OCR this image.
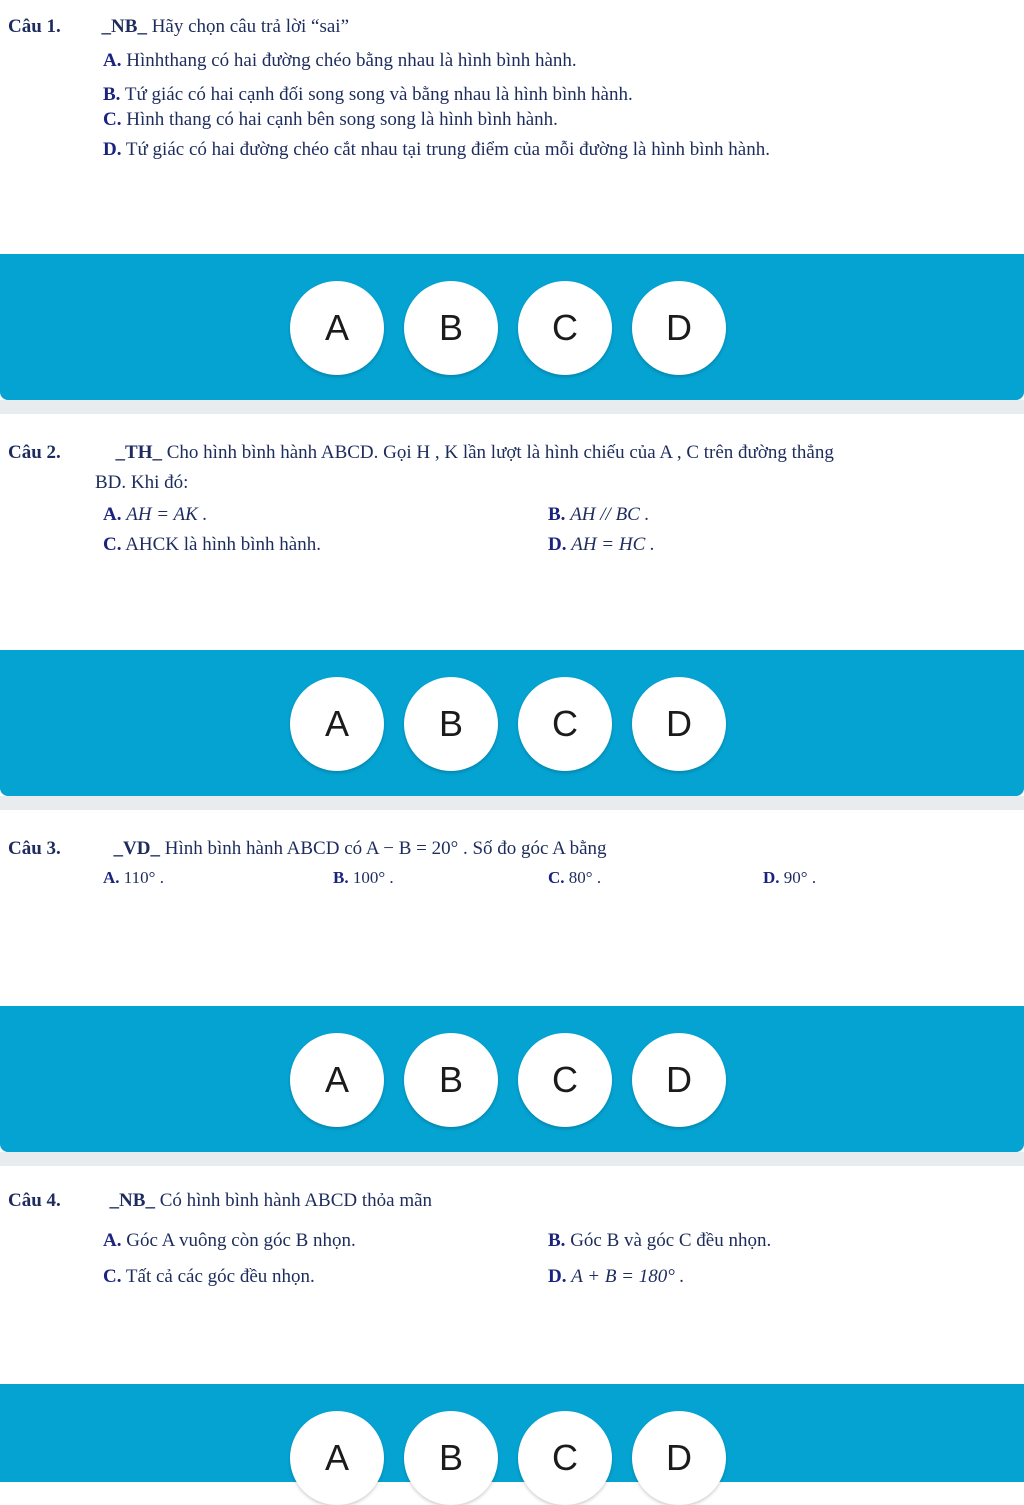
Câu 1. _NB_ Hãy chọn câu trả lời “sai”
A. Hìnhthang có hai đường chéo bằng nhau là hình bình hành.
B. Tứ giác có hai cạnh đối song song và bằng nhau là hình bình hành.
C. Hình thang có hai cạnh bên song song là hình bình hành.
D. Tứ giác có hai đường chéo cắt nhau tại trung điểm của mỗi đường là hình bình hành.
A	B	C	D
Câu 2.	_TH_ Cho hình bình hành ABCD. Gọi H , K lần lượt là hình chiếu của A , C trên đường thẳng
BD. Khi đó:
A. AH = AK .	B. AH // BC .
C. AHCK là hình bình hành.	D. AH = HC .
A	B	C	D
Câu 3.	_VD_ Hình bình hành ABCD có A − B = 20° . Số đo góc A bằng
A. 110° .	B. 100° .	C. 80° .	D. 90° .
A	B	C	D
Câu 4.	_NB_ Có hình bình hành ABCD thỏa mãn
A. Góc A vuông còn góc B nhọn.	B. Góc B và góc C đều nhọn.
C. Tất cả các góc đều nhọn.	D. A + B = 180° .
A	B	C	D
